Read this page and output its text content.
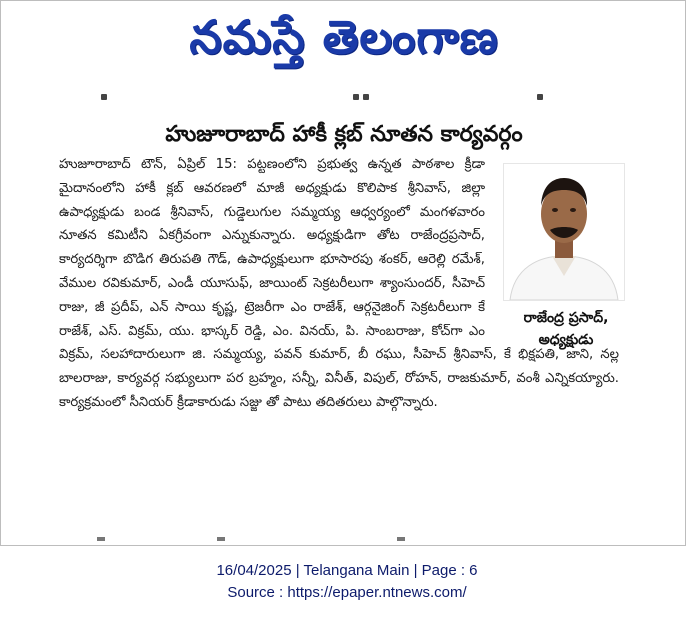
నమస్తే తెలంగాణ
హుజూరాబాద్ హాకీ క్లబ్ నూతన కార్యవర్గం
హుజూరాబాద్ టౌన్, ఏప్రిల్ 15: పట్టణంలోని ప్రభుత్వ ఉన్నత పాఠశాల క్రీడా మైదానంలోని హాకీ క్లబ్ ఆవరణలో మాజీ అధ్యక్షుడు కొలిపాక శ్రీనివాస్, జిల్లా ఉపాధ్యక్షుడు బండ శ్రీనివాస్, గుడ్డెలుగుల సమ్మయ్య ఆధ్వర్యంలో మంగళవారం నూతన కమిటీని ఏకగ్రీవంగా ఎన్నుకున్నారు. అధ్యక్షుడిగా తోట రాజేంద్రప్రసాద్, కార్యదర్శిగా బొడిగ తిరుపతి గౌడ్, ఉపాధ్యక్షులుగా భూసారపు శంకర్, ఆరెల్లి రమేశ్, వేముల రవికుమార్, ఎండీ యూసుఫ్, జాయింట్ సెక్రటరీలుగా శ్యాంసుందర్, సీహెచ్ రాజు, జీ ప్రదీప్, ఎన్ సాయి కృష్ణ, ట్రెజరీగా ఎం రాజేశ్, ఆర్గనైజింగ్ సెక్రటరీలుగా కే రాజేశ్, ఎస్. విక్రమ్, యు. భాస్కర్ రెడ్డి, ఎం. వినయ్, పి. సాంబరాజు, కోచ్‌గా ఎం విక్రమ్, సలహాదారులుగా జి. సమ్మయ్య, పవన్ కుమార్, బీ రఘు, సీహెచ్ శ్రీనివాస్, కే భిక్షపతి, జాని, నల్ల బాలరాజు, కార్యవర్గ సభ్యులుగా పర బ్రహ్మం, సన్నీ, వినీత్, విపుల్, రోహన్, రాజకుమార్, వంశీ ఎన్నికయ్యారు. కార్యక్రమంలో సీనియర్ క్రీడాకారుడు సజ్జు తో పాటు తదితరులు పాల్గొన్నారు.
రాజేంద్ర ప్రసాద్,
అధ్యక్షుడు
16/04/2025 | Telangana Main | Page : 6
Source : https://epaper.ntnews.com/
